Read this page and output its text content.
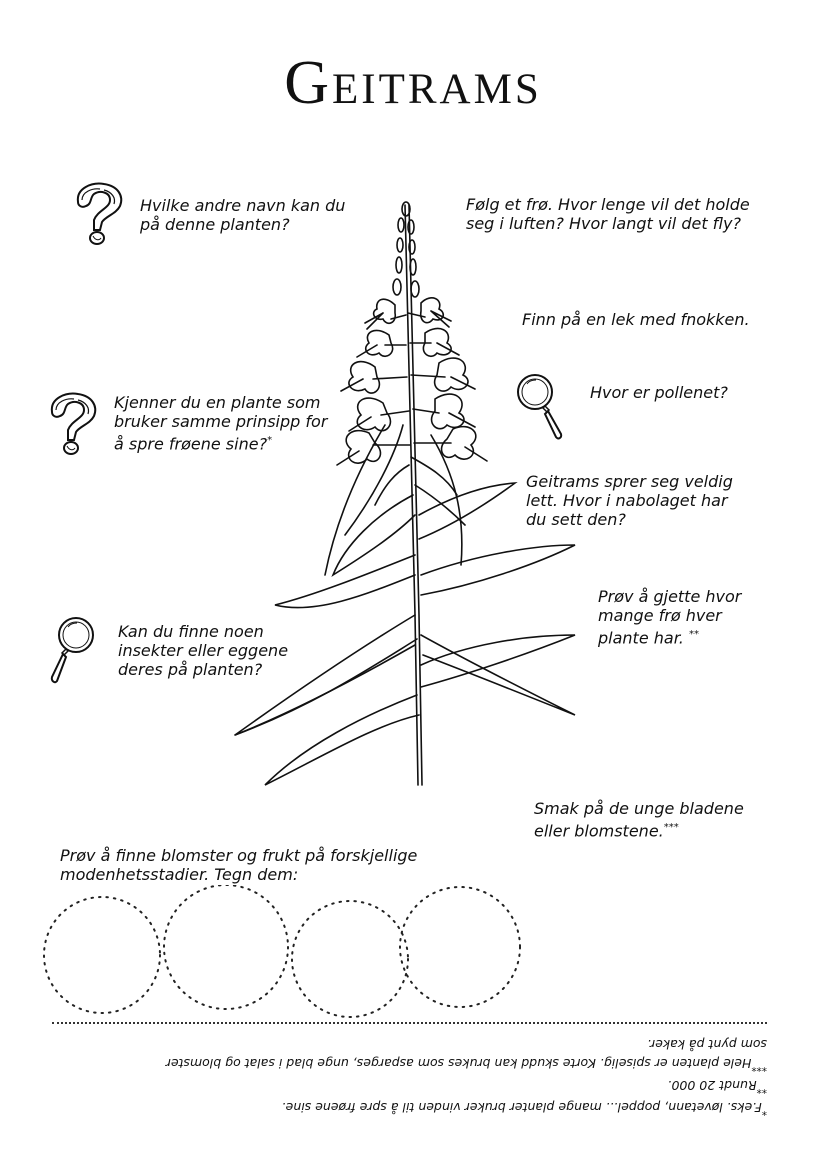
Geitrams

Hvilke andre navn kan du
på denne planten?

Følg et frø. Hvor lenge vil det holde
seg i luften? Hvor langt vil det fly?

Finn på en lek med fnokken.

Kjenner du en plante som
bruker samme prinsipp for
å spre frøene sine?*

Hvor er pollenet?

Geitrams sprer seg veldig
lett. Hvor i nabolaget har
du sett den?

Kan du finne noen
insekter eller eggene
deres på planten?

Prøv å gjette hvor
mange frø hver
plante har. **

Smak på de unge bladene
eller blomstene.***

Prøv å finne blomster og frukt på forskjellige
modenhetsstadier. Tegn dem:

*F.eks. løvetann, poppel... mange planter bruker vinden til å spre frøene sine.

**Rundt 20 000.

***Hele planten er spiselig. Korte skudd kan brukes som asparges, unge blad i salat og blomster
som pynt på kaker.
